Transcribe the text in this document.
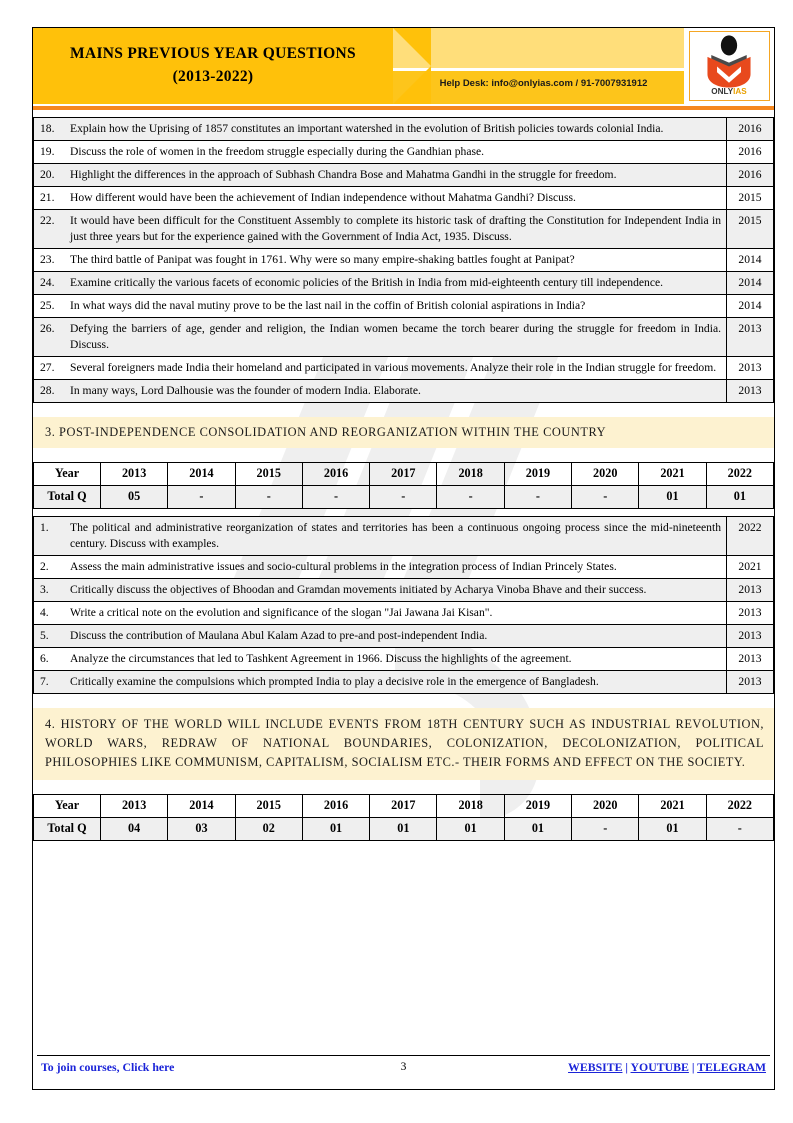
MAINS PREVIOUS YEAR QUESTIONS
(2013-2022)	Help Desk: info@onlyias.com / 91-7007931912
ONLYIAS
18.	Explain how the Uprising of 1857 constitutes an important watershed in the evolution of British policies towards colonial India.	2016
19.	Discuss the role of women in the freedom struggle especially during the Gandhian phase.	2016
20.	Highlight the differences in the approach of Subhash Chandra Bose and Mahatma Gandhi in the struggle for freedom.	2016
21.	How different would have been the achievement of Indian independence without Mahatma Gandhi? Discuss.	2015
22.	It would have been difficult for the Constituent Assembly to complete its historic task of drafting the Constitution for Independent India in just three years but for the experience gained with the Government of India Act, 1935. Discuss.	2015
23.	The third battle of Panipat was fought in 1761. Why were so many empire-shaking battles fought at Panipat?	2014
24.	Examine critically the various facets of economic policies of the British in India from mid-eighteenth century till independence.	2014
25.	In what ways did the naval mutiny prove to be the last nail in the coffin of British colonial aspirations in India?	2014
26.	Defying the barriers of age, gender and religion, the Indian women became the torch bearer during the struggle for freedom in India. Discuss.	2013
27.	Several foreigners made India their homeland and participated in various movements. Analyze their role in the Indian struggle for freedom.	2013
28.	In many ways, Lord Dalhousie was the founder of modern India. Elaborate.	2013
3. POST-INDEPENDENCE CONSOLIDATION AND REORGANIZATION WITHIN THE COUNTRY
Year	2013	2014	2015	2016	2017	2018	2019	2020	2021	2022
Total Q	05	-	-	-	-	-	-	-	01	01
1.	The political and administrative reorganization of states and territories has been a continuous ongoing process since the mid-nineteenth century. Discuss with examples.	2022
2.	Assess the main administrative issues and socio-cultural problems in the integration process of Indian Princely States.	2021
3.	Critically discuss the objectives of Bhoodan and Gramdan movements initiated by Acharya Vinoba Bhave and their success.	2013
4.	Write a critical note on the evolution and significance of the slogan "Jai Jawana Jai Kisan".	2013
5.	Discuss the contribution of Maulana Abul Kalam Azad to pre-and post-independent India.	2013
6.	Analyze the circumstances that led to Tashkent Agreement in 1966. Discuss the highlights of the agreement.	2013
7.	Critically examine the compulsions which prompted India to play a decisive role in the emergence of Bangladesh.	2013
4. HISTORY OF THE WORLD WILL INCLUDE EVENTS FROM 18TH CENTURY SUCH AS INDUSTRIAL REVOLUTION, WORLD WARS, REDRAW OF NATIONAL BOUNDARIES, COLONIZATION, DECOLONIZATION, POLITICAL PHILOSOPHIES LIKE COMMUNISM, CAPITALISM, SOCIALISM ETC.- THEIR FORMS AND EFFECT ON THE SOCIETY.
Year	2013	2014	2015	2016	2017	2018	2019	2020	2021	2022
Total Q	04	03	02	01	01	01	01	-	01	-
To join courses, Click here	3	WEBSITE | YOUTUBE | TELEGRAM
